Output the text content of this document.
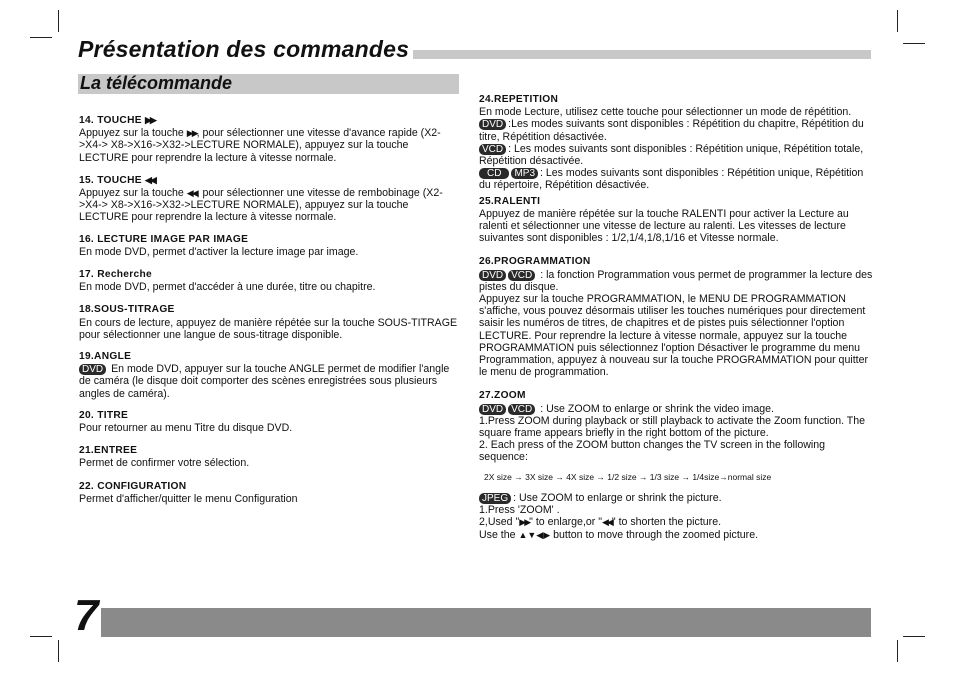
Présentation des commandes
La télécommande

14. TOUCHE ▶▶

Appuyez sur la touche ▶▶, pour sélectionner une vitesse d'avance rapide (X2->X4-> X8->X16->X32->LECTURE NORMALE), appuyez sur la touche LECTURE pour reprendre la lecture à vitesse normale.

15. TOUCHE ◀◀

Appuyez sur la touche ◀◀, pour sélectionner une vitesse de rembobinage (X2->X4-> X8->X16->X32->LECTURE NORMALE), appuyez sur la touche LECTURE pour reprendre la lecture à vitesse normale.

16. LECTURE IMAGE PAR IMAGE

En mode DVD, permet d'activer la lecture image par image.

17. Recherche

En mode DVD, permet d'accéder à une durée, titre ou chapitre.

18.SOUS-TITRAGE

En cours de lecture, appuyez de manière répétée sur la touche SOUS-TITRAGE pour sélectionner une langue de sous-titrage disponible.

19.ANGLE

DVD En mode DVD, appuyer sur la touche ANGLE permet de modifier l'angle de caméra (le disque doit comporter des scènes enregistrées sous plusieurs angles de caméra).

20. TITRE

Pour retourner au menu Titre du disque DVD.

21.ENTREE

Permet de confirmer votre sélection.

22. CONFIGURATION

Permet d'afficher/quitter le menu Configuration

24.REPETITION

En mode Lecture, utilisez cette touche pour sélectionner un mode de répétition.

DVD :Les modes suivants sont disponibles : Répétition du chapitre, Répétition du titre, Répétition désactivée.

VCD : Les modes suivants sont disponibles : Répétition unique, Répétition totale, Répétition désactivée.

CD MP3 : Les modes suivants sont disponibles : Répétition unique, Répétition du répertoire, Répétition désactivée.

25.RALENTI

Appuyez de manière répétée sur la touche RALENTI pour activer la Lecture au ralenti et sélectionner une vitesse de lecture au ralenti. Les vitesses de lecture suivantes sont disponibles : 1/2,1/4,1/8,1/16 et Vitesse normale.

26.PROGRAMMATION

DVD VCD : la fonction Programmation vous permet de programmer la lecture des pistes du disque.

Appuyez sur la touche PROGRAMMATION, le MENU DE PROGRAMMATION s'affiche, vous pouvez désormais utiliser les touches numériques pour directement saisir les numéros de titres, de chapitres et de pistes puis sélectionner l'option LECTURE. Pour reprendre la lecture à vitesse normale, appuyez sur la touche PROGRAMMATION puis sélectionnez l'option Désactiver le programme du menu Programmation, appuyez à nouveau sur la touche PROGRAMMATION pour quitter le menu de programmation.

27.ZOOM

DVD VCD : Use ZOOM to enlarge or shrink the video image.

1.Press ZOOM during playback or still playback to activate the Zoom function. The square frame appears briefly in the right bottom of the picture.

2. Each press of the ZOOM button changes the TV screen in the following sequence:

2X size → 3X size → 4X size → 1/2 size → 1/3 size → 1/4size→normal size

JPEG : Use ZOOM to enlarge or shrink the picture.

1.Press 'ZOOM' .

2,Used "▶▶" to enlarge,or "◀◀" to shorten the picture.

Use the ▲▼◀▶ button to move through the zoomed picture.

7
